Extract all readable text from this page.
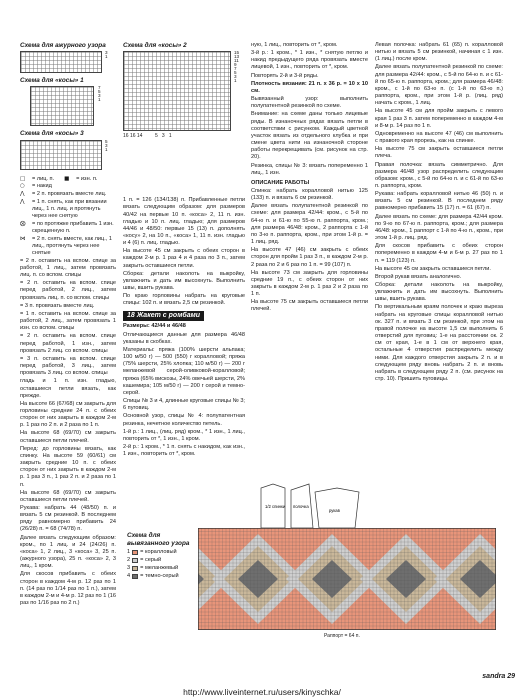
Схема для ажурного узора
3
1
Схема для «косы» 1
7
5
3
1
Схема для «косы» 3
5
3
1
□	= лиц. п. ■	= изн. п.
○	= накид
⋀	= 2 п. провязать вместе лиц.
⋀	= 1 п. снять, как при вязании лиц., 1 п. лиц. и протянуть через нее снятую
⨂	= по протяжке прибавить 1 изн. скрещенную п.
⋈	= 2 п. снять вместе, как лиц., 1 лиц., протянуть через нее снятые
= 2 п. оставить на вспом. спице за работой, 1 лиц., затем провязать лиц. п. со вспом. спицы
= 2 п. оставить на вспом. спице перед работой, 2 лиц., затем провязать лиц. п. со вспом. спицы
= 3 п. провязать вместе лиц.
= 1 п. оставить на вспом. спице за работой, 2 лиц., затем провязать 1 изн. со вспом. спицы
= 2 п. оставить на вспом. спице перед работой, 1 изн., затем провязать 2 лиц. со вспом. спицы
= 3 п. оставить на вспом. спице перед работой, 3 лиц., затем провязать 3 лиц. со вспом. спицы
гладь и 1 п. изн. гладью, оставшиеся петли вязать, как прежде.
На высоте 66 (67/68) см закрыть для горловины средние 24 п. с обеих сторон от них закрыть в каждом 2-м р. 1 раз по 2 п. и 2 раза по 1 п.
На высоте 68 (69/70) см закрыть оставшиеся петли плечей.
Перед: до горловины вязать, как спинку. На высоте 59 (60/61) см закрыть средние 10 п. с обеих сторон от них закрыть в каждом 2-м р. 1 раз 3 п., 1 раз 2 п. и 2 раза по 1 п.
На высоте 68 (69/70) см закрыть оставшиеся петли плечей.
Рукава: набрать 44 (48/50) п. и вязать 5 см резинкой. В последнем ряду равномерно прибавить 24 (26/28) п. = 68 (74/78) п.
Далее вязать следующим образом: кром., по 1 лиц. и 24 (24/26) п. «коса» 1, 2 лиц., 3 «коса» 3, 25 п. (ажурного узора), 25 п. «коса» 2, 3 лиц., 1 кром.
Для скосов прибавить с обеих сторон в каждом 4-м р. 12 раз по 1 п. (14 раз по 1/14 раз по 1 п.), затем в каждом 2-м и 4-м р. 12 раз по 1 (16 раз по 1/16 раз по 2 п.)
Схема для «косы» 2
15
13
11
9
7
5
3
1
16 16 14         5   3   1
1 п. = 126 (134/138) п. Прибавленные петли вязать следующим образом: для размеров 40/42 на первые 10 п. «коса» 2, 11 п. изн. гладью и 10 п. лиц. гладью; для размеров 44/46 и 48/50: первые 15 (13) п. дополнять «косу» 2, на 10 п., «коса» 1, 11 п. изн. гладью и 4 (6) п. лиц. гладью.
На высоте 45 см закрыть с обеих сторон в каждом 2-м р. 1 раз 4 и 4 раза по 3 п., затем закрыть оставшиеся петли.
Сборка: детали наколоть на выкройку, увлажнить и дать им высохнуть. Выполнить швы, вшить рукава.
По краю горловины набрать на круговые спицы: 102 п. и вязать 2,5 см резинкой.
18 Жакет с ромбами
Размеры: 42/44 и 46/48
Отличающиеся данные для размера 46/48 указаны в скобках.
Материалы: пряжа (100% шерсти альпака; 100 м/50 г) — 500 (550) г коралловой; пряжа (75% шерсти, 25% хлопка; 110 м/50 г) — 200 г меланжевой серой-оливковой-коралловой; пряжа (65% вискозы, 24% овечьей шерсти, 2% кашемира; 105 м/50 г) — 200 г серой и темно-серой.
Спицы № 3 и 4, длинные круговые спицы № 3; 6 пуговиц.
Основной узор, спицы № 4: полупатентная резинка, нечетное количество петель.
1-й р.: 1 лиц., (лиц. ряд) кром., * 1 изн., 1 лиц., повторить от *, 1 изн., 1 кром.
2-й р.: 1 кром., * 1 п. снять с накидом, как изн., 1 изн., повторить от *, кром.
ную, 1 лиц., повторить от *, кром.
3-й р.: 1 кром., * 1 изн., * снятую петлю и накид предыдущего ряда провязать вместе лицевой, 1 изн., повторить от *, кром.
Повторять 2-й и 3-й ряды.
Плотность вязания: 21 п. х 36 р. = 10 х 10 см.
Вывязанный узор: выполнить полупатентной резинкой по схеме.
Внимание: на схеме даны только лицевые ряды. В изнаночных рядах вязать петли в соответствии с рисунком. Каждый цветной участок вязать из отдельного клубка и при смене цвета нити на изнаночной стороне работы перекрещивать (см. рисунок на стр. 20).
Резинка, спицы № 3: вязать попеременно 1 лиц., 1 изн.
ОПИСАНИЕ РАБОТЫ
Спинка: набрать коралловой нитью 125 (133) п. и вязать 6 см резинкой.
Далее вязать полупатентной резинкой по схеме: для размера 42/44: кром., с 5-й по 64-ю п. и 61-ю по 55-ю п. раппорта, кром.; для размера 46/48: кром., 2 раппорта с 1-й по 3-ю п. раппорта, кром., при этом 1-й р. = 1 лиц. ряд.
На высоте 47 (46) см закрыть с обеих сторон для пройм 1 раз 3 п., в каждом 2-м р. 2 раза по 2 и 6 раз по 1 п. = 99 (107) п.
На высоте 73 см закрыть для горловины средние 19 п., с обеих сторон от них закрыть в каждом 2-м р. 1 раз 2 и 2 раза по 1 п.
На высоте 75 см закрыть оставшиеся петли плечей.
Левая полочка: набрать 61 (65) п. коралловой нитью и вязать 5 см резинкой, начиная с 1 изн. (1 лиц.) после кром.
Далее вязать полупатентной резинкой по схеме: для размера 42/44: кром., с 5-й по 64-ю п. и с 61-й по 65-ю п. раппорта, кром.; для размера 46/48: кром., с 1-й по 63-ю п. (с 1-й по 63-ю п.) раппорта, кром., при этом 1-й р. (лиц. ряд) начать с кром., 1 лиц.
На высоте 45 см для пройм закрыть с левого края 1 раз 3 п. затем попеременно в каждом 4-м и 8-м р. 14 раз по 1 п.
Одновременно на высоте 47 (46) см выполнить с правого края прорезь, как на спинке.
На высоте 75 см закрыть оставшиеся петли плеча.
Правая полочка: вязать симметрично. Для размера 46/48 узор распределить следующим образом: кром., с 5-й по 64-ю п. и с 61-й по 63-ю п. раппорта, кром.
Рукава: набрать коралловой нитью 46 (50) п. и вязать 5 см резинкой. В последнем ряду равномерно прибавить 15 (17) п. = 61 (67) п.
Далее вязать по схеме: для размера 42/44 кром. по 9-ю по 67-ю п. раппорта, кром.; для размера 46/48: кром., 1 раппорт с 1-й по 4-ю п., кром., при этом 1-й р. лиц. ряд.
Для скосов прибавить с обеих сторон попеременно в каждом 4-м и 6-м р. 27 раз по 1 п. = 119 (123) п.
На высоте 45 см закрыть оставшиеся петли.
Второй рукав вязать аналогично.
Сборка: детали наколоть на выкройку, увлажнить и дать им высохнуть. Выполнить швы, вшить рукава.
По вертикальным краям полочек и краю выреза набрать на круговые спицы коралловой нитью ок. 327 п. и вязать 3 см резинкой, при этом на правой полочке на высоте 1,5 см выполнить 6 отверстий для пуговиц: 1-е на расстоянии ок. 2 см от края, 1-е в 1 см от верхнего края, остальные 4 отверстия распределить между ними. Для каждого отверстия закрыть 2 п. и в следующем ряду вновь набрать 2 п. и вновь набрать в следующем ряду 2 п. (см. рисунок на стр. 10). Пришить пуговицы.
1/2 спинки полочка
рукав
Схема для вывязанного узора
1 = коралловый
2 = серый
3 = меланжевый
4 = темно-серый
Раппорт = 64 п.
sandra 29
http://www.liveinternet.ru/users/kinyschka/
